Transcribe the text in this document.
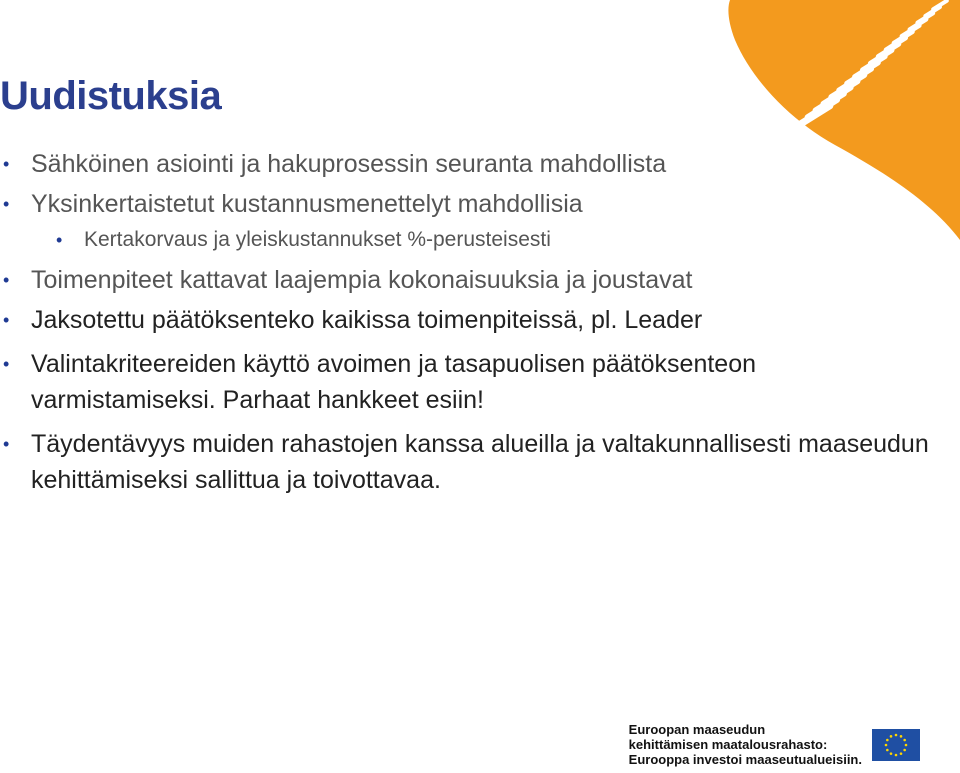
Uudistuksia
• Sähköinen asiointi ja hakuprosessin seuranta mahdollista
• Yksinkertaistetut kustannusmenettelyt mahdollisia
• Kertakorvaus ja yleiskustannukset %-perusteisesti
• Toimenpiteet kattavat laajempia kokonaisuuksia ja joustavat
• Jaksotettu päätöksenteko kaikissa toimenpiteissä, pl. Leader
• Valintakriteereiden käyttö avoimen ja tasapuolisen päätöksenteon varmistamiseksi. Parhaat hankkeet esiin!
• Täydentävyys muiden rahastojen kanssa alueilla ja valtakunnallisesti maaseudun kehittämiseksi sallittua ja toivottavaa.
Euroopan maaseudun
kehittämisen maatalousrahasto:
Eurooppa investoi maaseutualueisiin.
